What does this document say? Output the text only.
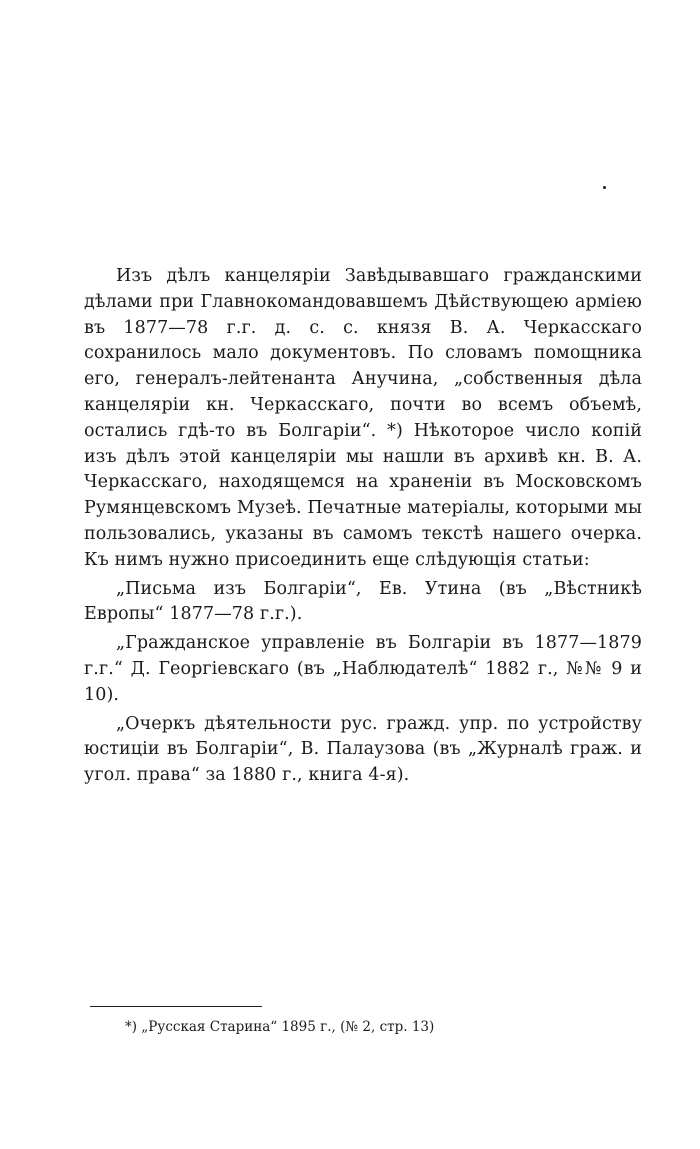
Изъ дѣлъ канцеляріи Завѣдывавшаго гражданскими дѣлами при Главнокомандовавшемъ Дѣйствующею арміею въ 1877—78 г.г. д. с. с. князя В. А. Черкасскаго сохранилось мало документовъ. По словамъ помощника его, генералъ-лейтенанта Анучина, „собственныя дѣла канцеляріи кн. Черкасскаго, почти во всемъ объемѣ, остались гдѣ-то въ Болгаріи“. *) Нѣкоторое число копій изъ дѣлъ этой канцеляріи мы нашли въ архивѣ кн. В. А. Черкасскаго, находящемся на храненіи въ Московскомъ Румянцевскомъ Музеѣ. Печатные матеріалы, которыми мы пользовались, указаны въ самомъ текстѣ нашего очерка. Къ нимъ нужно присоединить еще слѣдующія статьи:

„Письма изъ Болгаріи“, Ев. Утина (въ „Вѣстникѣ Европы“ 1877—78 г.г.).

„Гражданское управленіе въ Болгаріи въ 1877—1879 г.г.“ Д. Георгіевскаго (въ „Наблюдателѣ“ 1882 г., №№ 9 и 10).

„Очеркъ дѣятельности рус. гражд. упр. по устройству юстиціи въ Болгаріи“, В. Палаузова (въ „Журналѣ граж. и угол. права“ за 1880 г., книга 4-я).

*) „Русская Старина“ 1895 г., (№ 2, стр. 13)
